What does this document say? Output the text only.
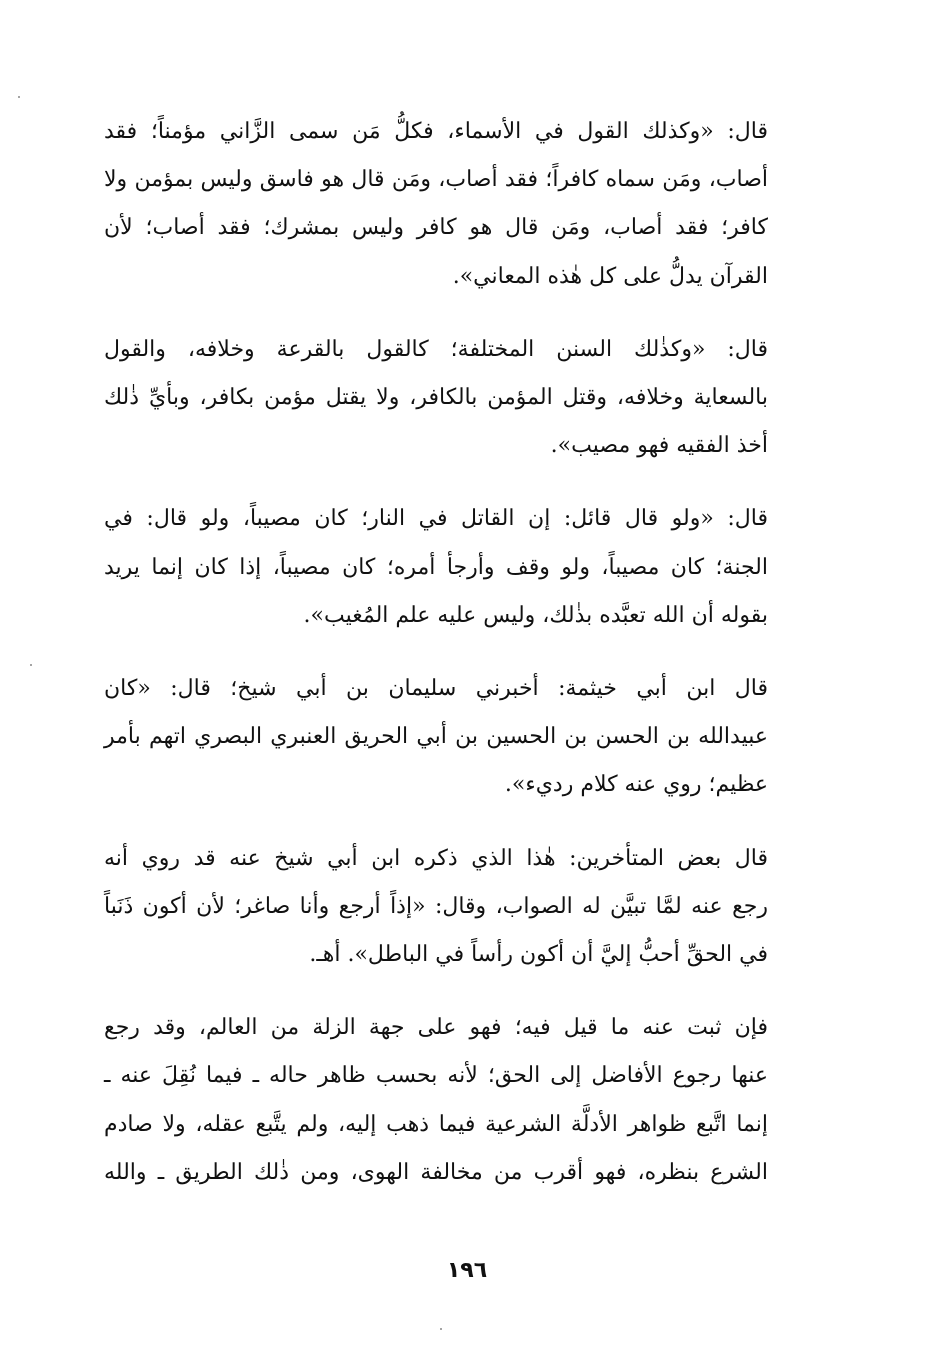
قال: «وكذلك القول في الأسماء، فكلُّ مَن سمى الزَّاني مؤمناً؛ فقد
أصاب، ومَن سماه كافراً؛ فقد أصاب، ومَن قال هو فاسق وليس بمؤمن ولا
كافر؛ فقد أصاب، ومَن قال هو كافر وليس بمشرك؛ فقد أصاب؛ لأن
القرآن يدلُّ على كل هٰذه المعاني».

قال: «وكذٰلك السنن المختلفة؛ كالقول بالقرعة وخلافه، والقول
بالسعاية وخلافه، وقتل المؤمن بالكافر، ولا يقتل مؤمن بكافر، وبأيِّ ذٰلك
أخذ الفقيه فهو مصيب».

قال: «ولو قال قائل: إن القاتل في النار؛ كان مصيباً، ولو قال: في
الجنة؛ كان مصيباً، ولو وقف وأرجأ أمره؛ كان مصيباً، إذا كان إنما يريد
بقوله أن الله تعبَّده بذٰلك، وليس عليه علم المُغيب».

قال ابن أبي خيثمة: أخبرني سليمان بن أبي شيخ؛ قال: «كان
عبيدالله بن الحسن بن الحسين بن أبي الحريق العنبري البصري اتهم بأمر
عظيم؛ روي عنه كلام رديء».

قال بعض المتأخرين: هٰذا الذي ذكره ابن أبي شيخ عنه قد روي أنه
رجع عنه لمَّا تبيَّن له الصواب، وقال: «إذاً أرجع وأنا صاغر؛ لأن أكون ذَنَباً
في الحقِّ أحبُّ إليَّ أن أكون رأساً في الباطل». أهـ.

فإن ثبت عنه ما قيل فيه؛ فهو على جهة الزلة من العالم، وقد رجع
عنها رجوع الأفاضل إلى الحق؛ لأنه بحسب ظاهر حاله ـ فيما نُقِلَ عنه ـ
إنما اتَّبع ظواهر الأدلَّة الشرعية فيما ذهب إليه، ولم يتَّبع عقله، ولا صادم
الشرع بنظره، فهو أقرب من مخالفة الهوى، ومن ذٰلك الطريق ـ والله

١٩٦
